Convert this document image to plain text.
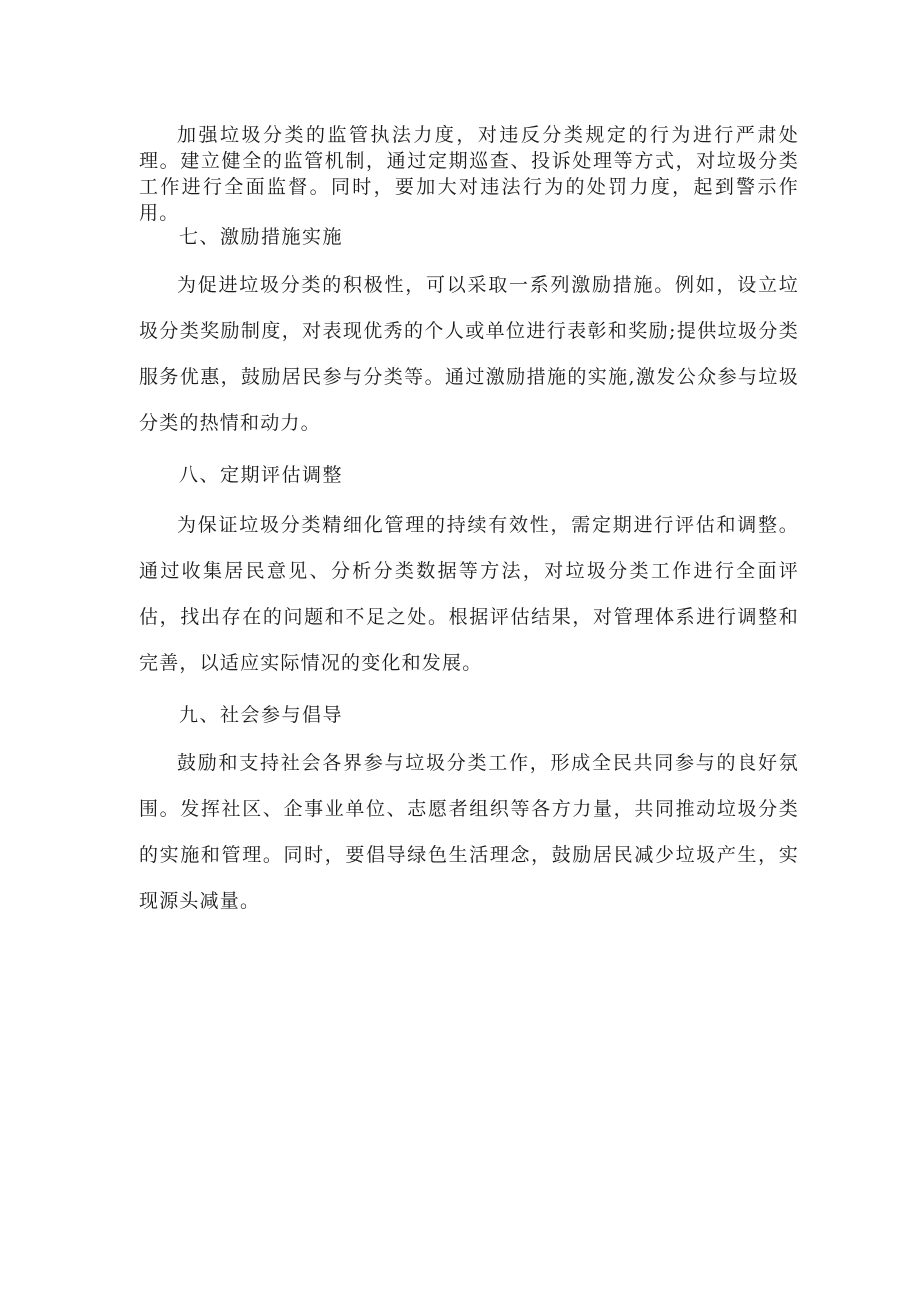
加强垃圾分类的监管执法力度，对违反分类规定的行为进行严肃处理。建立健全的监管机制，通过定期巡查、投诉处理等方式，对垃圾分类工作进行全面监督。同时，要加大对违法行为的处罚力度，起到警示作用。

七、激励措施实施

为促进垃圾分类的积极性，可以采取一系列激励措施。例如，设立垃圾分类奖励制度，对表现优秀的个人或单位进行表彰和奖励;提供垃圾分类服务优惠，鼓励居民参与分类等。通过激励措施的实施,激发公众参与垃圾分类的热情和动力。

八、定期评估调整

为保证垃圾分类精细化管理的持续有效性，需定期进行评估和调整。通过收集居民意见、分析分类数据等方法，对垃圾分类工作进行全面评估，找出存在的问题和不足之处。根据评估结果，对管理体系进行调整和完善，以适应实际情况的变化和发展。

九、社会参与倡导

鼓励和支持社会各界参与垃圾分类工作，形成全民共同参与的良好氛围。发挥社区、企事业单位、志愿者组织等各方力量，共同推动垃圾分类的实施和管理。同时，要倡导绿色生活理念，鼓励居民减少垃圾产生，实现源头减量。
